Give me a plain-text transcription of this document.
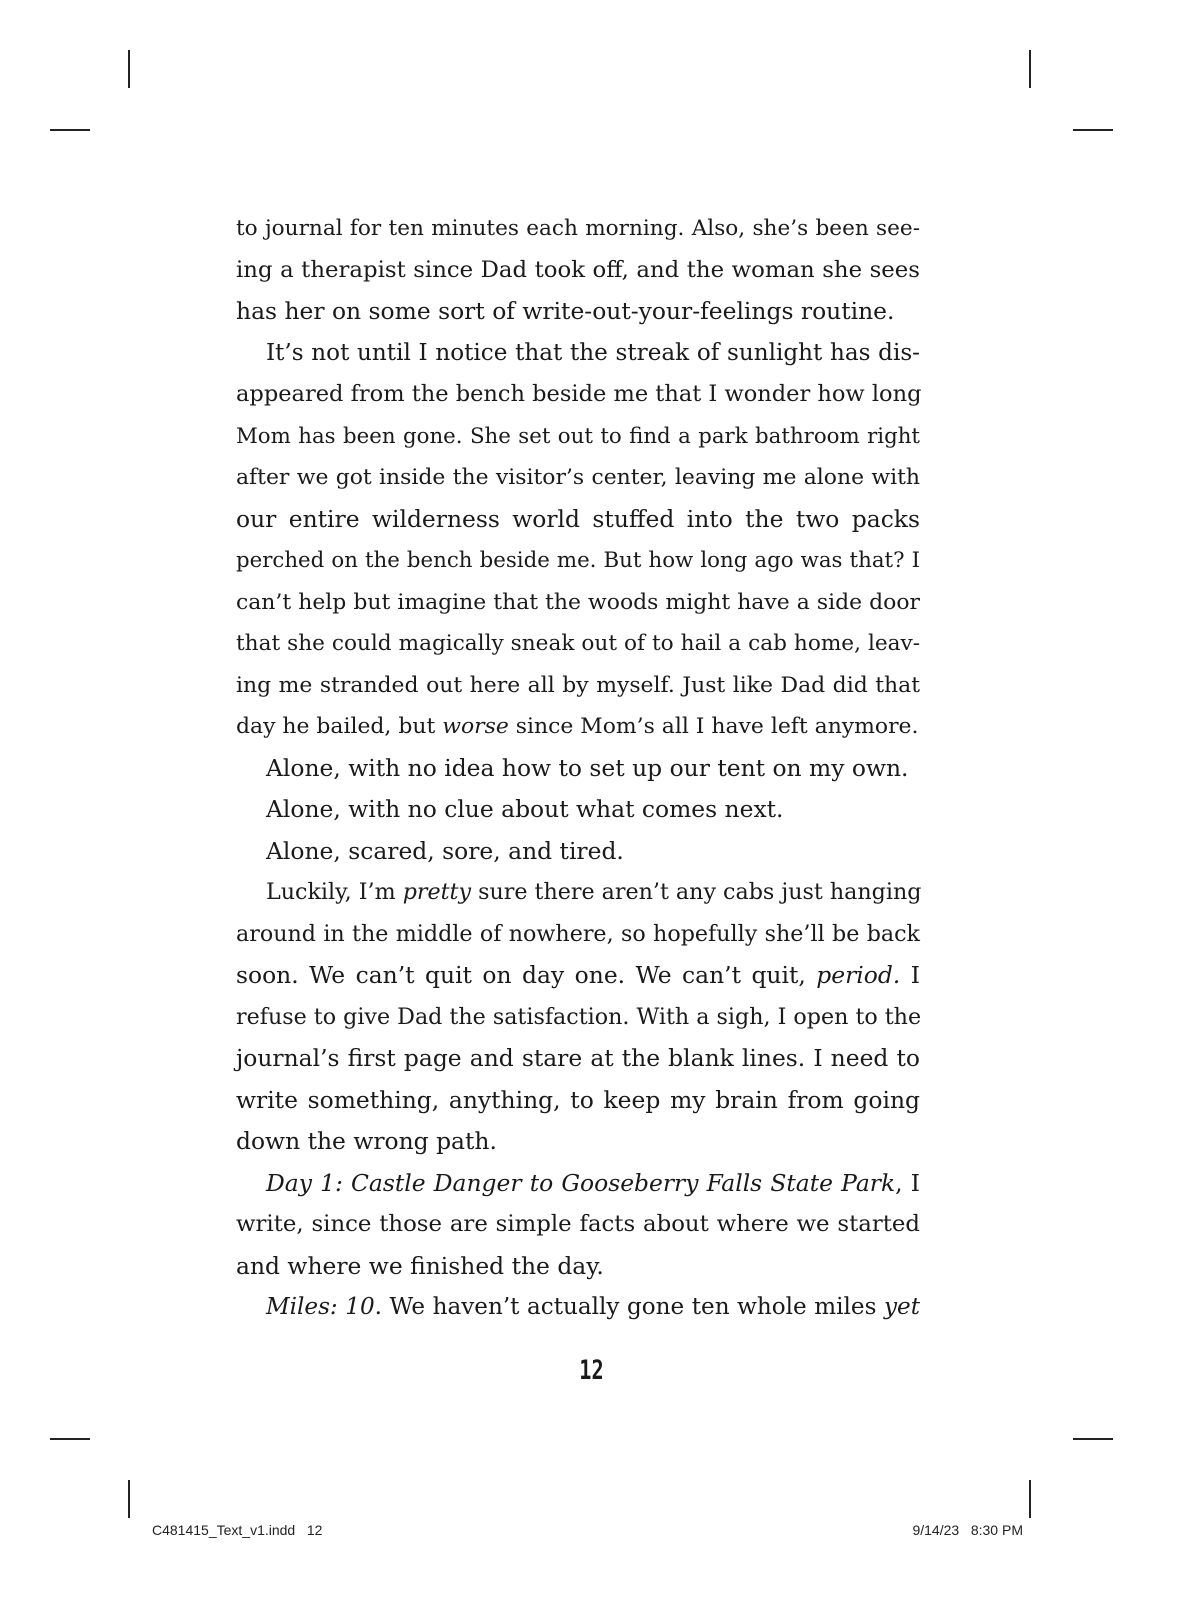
to journal for ten minutes each morning. Also, she’s been see-
ing a therapist since Dad took off, and the woman she sees
has her on some sort of write-out-your-feelings routine.
It’s not until I notice that the streak of sunlight has dis-
appeared from the bench beside me that I wonder how long
Mom has been gone. She set out to find a park bathroom right
after we got inside the visitor’s center, leaving me alone with
our entire wilderness world stuffed into the two packs
perched on the bench beside me. But how long ago was that? I
can’t help but imagine that the woods might have a side door
that she could magically sneak out of to hail a cab home, leav-
ing me stranded out here all by myself. Just like Dad did that
day he bailed, but worse since Mom’s all I have left anymore.
Alone, with no idea how to set up our tent on my own.
Alone, with no clue about what comes next.
Alone, scared, sore, and tired.
Luckily, I’m pretty sure there aren’t any cabs just hanging
around in the middle of nowhere, so hopefully she’ll be back
soon. We can’t quit on day one. We can’t quit, period. I
refuse to give Dad the satisfaction. With a sigh, I open to the
journal’s first page and stare at the blank lines. I need to
write something, anything, to keep my brain from going
down the wrong path.
Day 1: Castle Danger to Gooseberry Falls State Park, I
write, since those are simple facts about where we started
and where we finished the day.
Miles: 10. We haven’t actually gone ten whole miles yet
12
C481415_Text_v1.indd   12	9/14/23   8:30 PM
